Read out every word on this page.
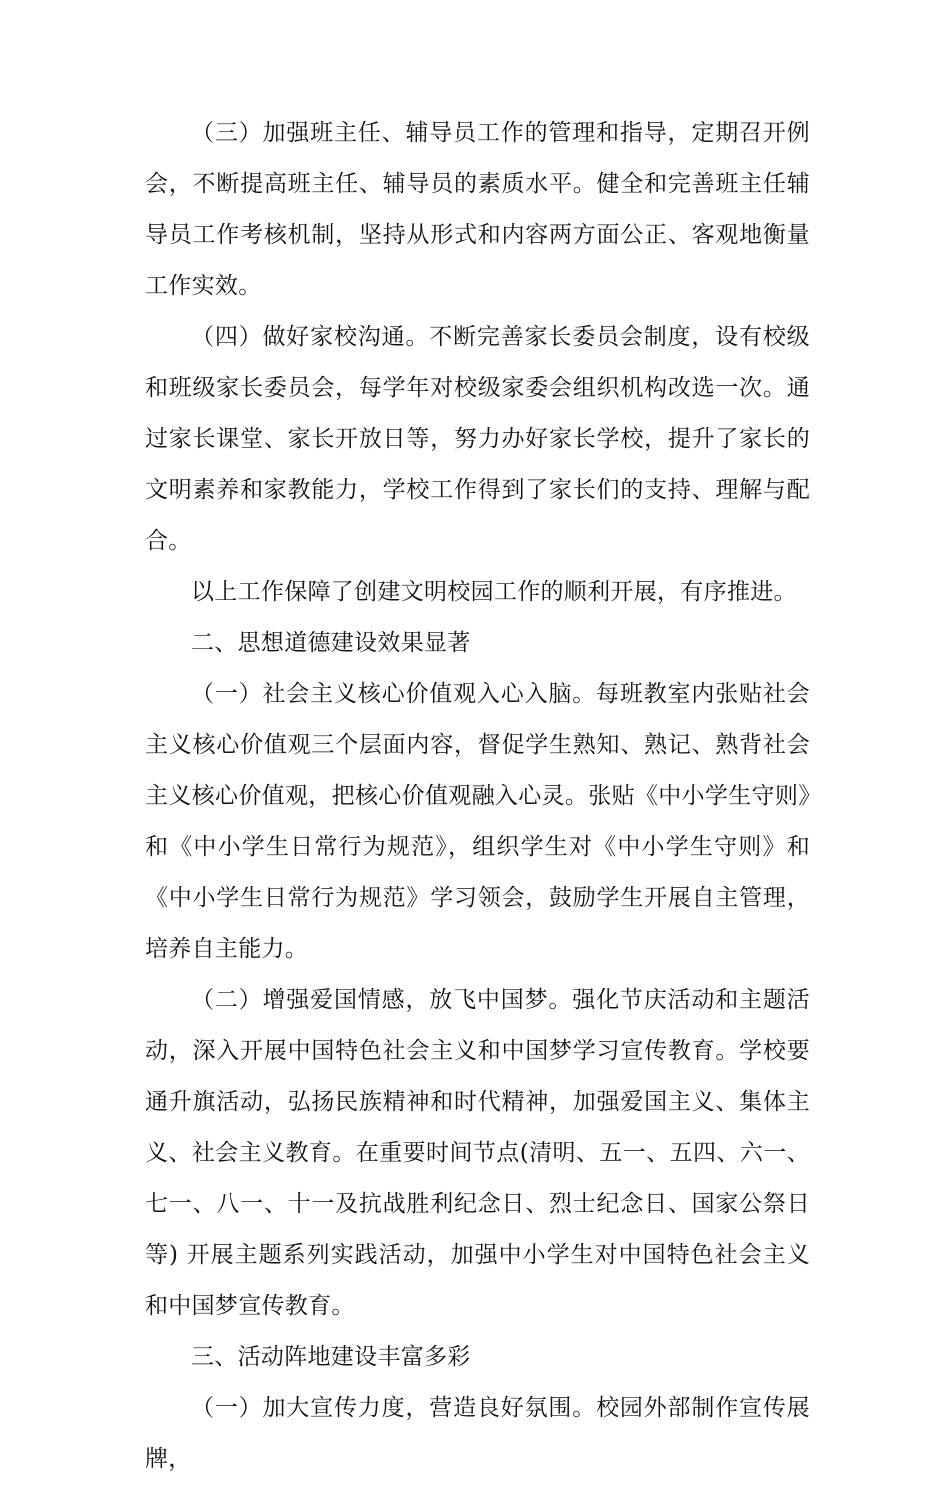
（三）加强班主任、辅导员工作的管理和指导，定期召开例会，不断提高班主任、辅导员的素质水平。健全和完善班主任辅导员工作考核机制，坚持从形式和内容两方面公正、客观地衡量工作实效。

（四）做好家校沟通。不断完善家长委员会制度，设有校级和班级家长委员会，每学年对校级家委会组织机构改选一次。通过家长课堂、家长开放日等，努力办好家长学校，提升了家长的文明素养和家教能力，学校工作得到了家长们的支持、理解与配合。

以上工作保障了创建文明校园工作的顺利开展，有序推进。

二、思想道德建设效果显著

（一）社会主义核心价值观入心入脑。每班教室内张贴社会主义核心价值观三个层面内容，督促学生熟知、熟记、熟背社会主义核心价值观，把核心价值观融入心灵。张贴《中小学生守则》和《中小学生日常行为规范》，组织学生对《中小学生守则》和《中小学生日常行为规范》学习领会，鼓励学生开展自主管理，培养自主能力。

（二）增强爱国情感，放飞中国梦。强化节庆活动和主题活动，深入开展中国特色社会主义和中国梦学习宣传教育。学校要通升旗活动，弘扬民族精神和时代精神，加强爱国主义、集体主义、社会主义教育。在重要时间节点(清明、五一、五四、六一、七一、八一、十一及抗战胜利纪念日、烈士纪念日、国家公祭日等) 开展主题系列实践活动，加强中小学生对中国特色社会主义和中国梦宣传教育。

三、活动阵地建设丰富多彩

（一）加大宣传力度，营造良好氛围。校园外部制作宣传展牌，
